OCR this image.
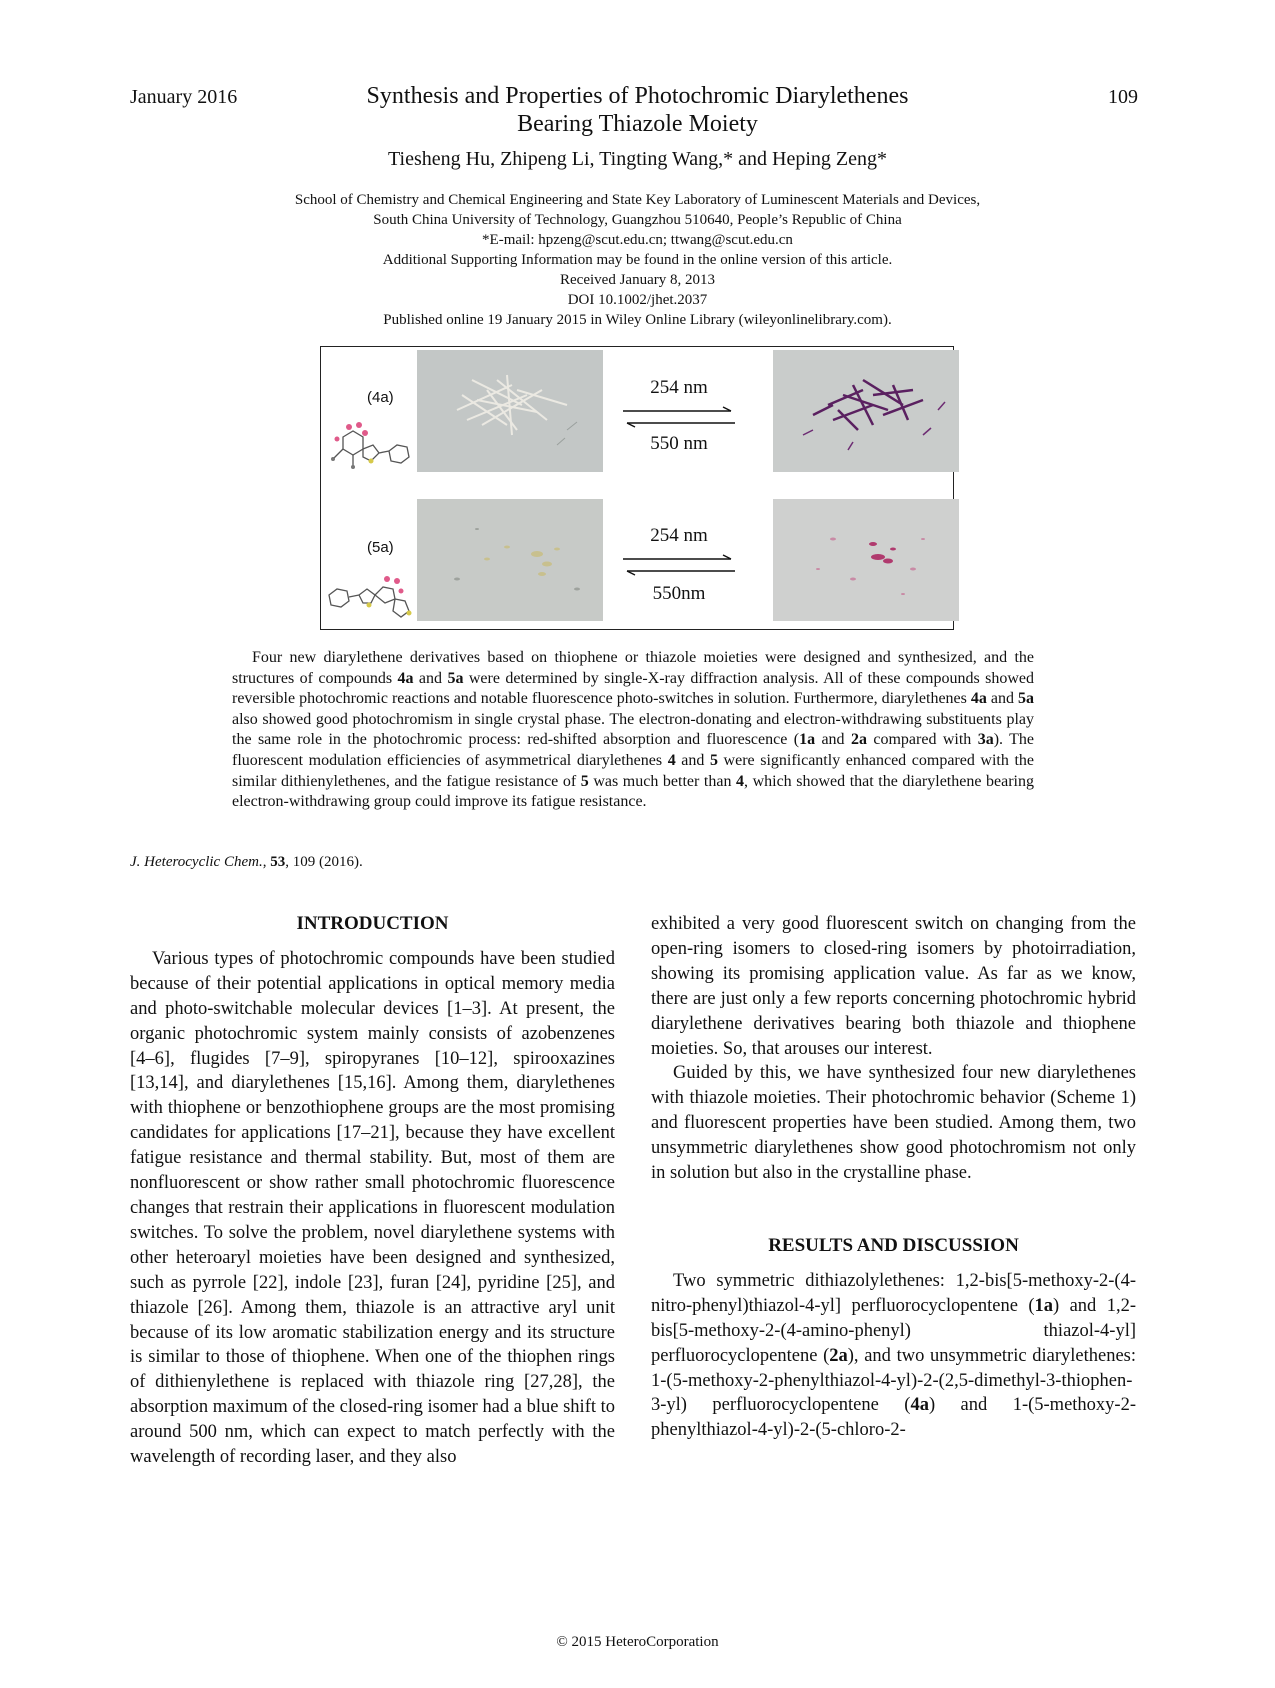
January 2016	109
Synthesis and Properties of Photochromic Diarylethenes
Bearing Thiazole Moiety
Tiesheng Hu, Zhipeng Li, Tingting Wang,* and Heping Zeng*
School of Chemistry and Chemical Engineering and State Key Laboratory of Luminescent Materials and Devices,
South China University of Technology, Guangzhou 510640, People’s Republic of China
*E-mail: hpzeng@scut.edu.cn; ttwang@scut.edu.cn
Additional Supporting Information may be found in the online version of this article.
Received January 8, 2013
DOI 10.1002/jhet.2037
Published online 19 January 2015 in Wiley Online Library (wileyonlinelibrary.com).
(4a)	254 nm
550 nm
(5a)
254 nm
550nm
Four new diarylethene derivatives based on thiophene or thiazole moieties were designed and synthesized, and the structures of compounds 4a and 5a were determined by single-X-ray diffraction analysis. All of these compounds showed reversible photochromic reactions and notable fluorescence photo-switches in solution. Furthermore, diarylethenes 4a and 5a also showed good photochromism in single crystal phase. The electron-donating and electron-withdrawing substituents play the same role in the photochromic process: red-shifted absorption and fluorescence (1a and 2a compared with 3a). The fluorescent modulation efficiencies of asymmetrical diarylethenes 4 and 5 were significantly enhanced compared with the similar dithienylethenes, and the fatigue resistance of 5 was much better than 4, which showed that the diarylethene bearing electron-withdrawing group could improve its fatigue resistance.
J. Heterocyclic Chem., 53, 109 (2016).
INTRODUCTION

Various types of photochromic compounds have been studied because of their potential applications in optical memory media and photo-switchable molecular devices [1–3]. At present, the organic photochromic system mainly consists of azobenzenes [4–6], flugides [7–9], spiropyranes [10–12], spirooxazines [13,14], and diarylethenes [15,16]. Among them, diarylethenes with thiophene or benzothiophene groups are the most promising candidates for applications [17–21], because they have excellent fatigue resistance and thermal stability. But, most of them are nonfluorescent or show rather small photochromic fluorescence changes that restrain their applications in fluorescent modulation switches. To solve the problem, novel diarylethene systems with other heteroaryl moieties have been designed and synthesized, such as pyrrole [22], indole [23], furan [24], pyridine [25], and thiazole [26]. Among them, thiazole is an attractive aryl unit because of its low aromatic stabilization energy and its structure is similar to those of thiophene. When one of the thiophen rings of dithienylethene is replaced with thiazole ring [27,28], the absorption maximum of the closed-ring isomer had a blue shift to around 500 nm, which can expect to match perfectly with the wavelength of recording laser, and they also

exhibited a very good fluorescent switch on changing from the open-ring isomers to closed-ring isomers by photoirradiation, showing its promising application value. As far as we know, there are just only a few reports concerning photochromic hybrid diarylethene derivatives bearing both thiazole and thiophene moieties. So, that arouses our interest.

Guided by this, we have synthesized four new diarylethenes with thiazole moieties. Their photochromic behavior (Scheme 1) and fluorescent properties have been studied. Among them, two unsymmetric diarylethenes show good photochromism not only in solution but also in the crystalline phase.

RESULTS AND DISCUSSION

Two symmetric dithiazolylethenes: 1,2-bis[5-methoxy-2-(4-nitro-phenyl)thiazol-4-yl] perfluorocyclopentene (1a) and 1,2-bis[5-methoxy-2-(4-amino-phenyl) thiazol-4-yl] perfluorocyclopentene (2a), and two unsymmetric diarylethenes: 1-(5-methoxy-2-phenylthiazol-4-yl)-2-(2,5-dimethyl-3-thiophen-3-yl) perfluorocyclopentene (4a) and 1-(5-methoxy-2-phenylthiazol-4-yl)-2-(5-chloro-2-

© 2015 HeteroCorporation
